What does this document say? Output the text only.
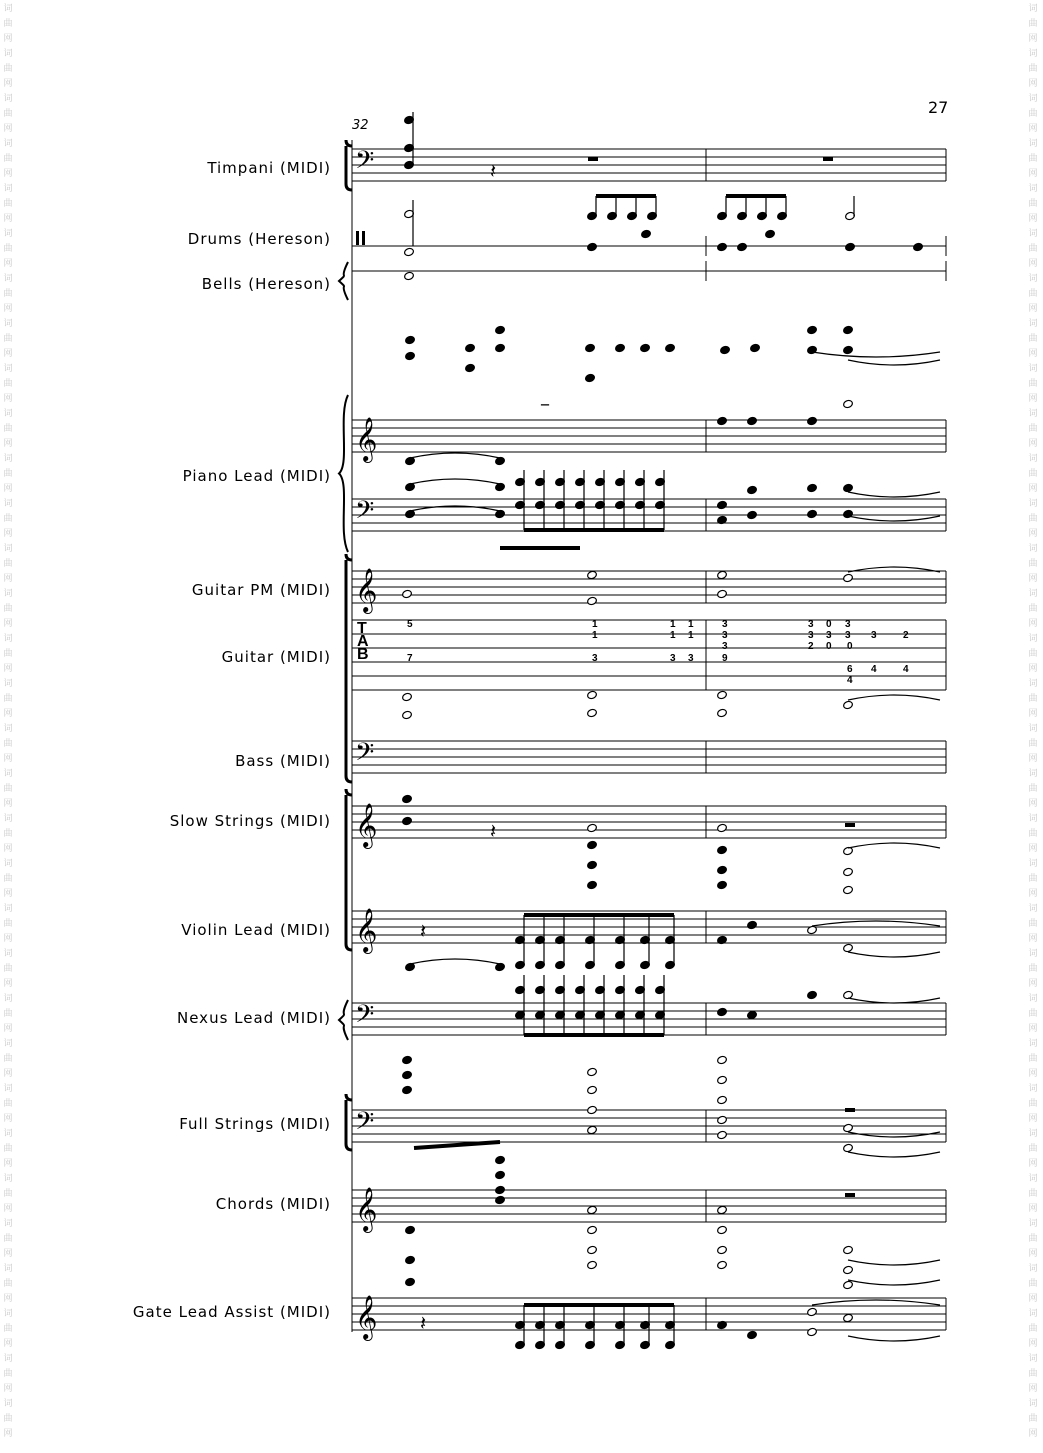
词
曲
网
词
曲
网
词
曲
网
词
曲
网
词
曲
网
词
曲
网
词
曲
网
词
曲
网
词
曲
网
词
曲
网
词
曲
网
词
曲
网
词
曲
网
词
曲
网
词
曲
网
词
曲
网
词
曲
网
词
曲
网
词
曲
网
词
曲
网
词
曲
网
词
曲
网
词
曲
网
词
曲
网
词
曲
网
词
曲
网
词
曲
网
词
曲
网
词
曲
网
词
曲
网
词
曲
网
词
曲
网
词
曲
网
词
曲
网
词
曲
网
词
曲
网
词
曲
网
词
曲
网
词
曲
网
词
曲
网
词
曲
网
词
曲
网
词
曲
网
词
曲
网
词
曲
网
词
曲
网
词
曲
网
词
曲
网
词
曲
网
词
曲
网
词
曲
网
词
曲
网
词
曲
网
词
曲
网
词
曲
网
词
曲
网
词
曲
网
词
曲
网
词
曲
网
词
曲
网
词
曲
网
词
曲
网
词
曲
网
词
曲
网
27
32
Timpani (MIDI)
Drums (Hereson)
Bells (Hereson)
Piano Lead (MIDI)
Guitar PM (MIDI)
Guitar (MIDI)
Bass (MIDI)
Slow Strings (MIDI)
Violin Lead (MIDI)
Nexus Lead (MIDI)
Full Strings (MIDI)
Chords (MIDI)
Gate Lead Assist (MIDI)
𝄞
𝄞
𝄞
𝄞
𝄞
𝄞
𝄢
𝄢
𝄢
𝄢
𝄢
T
A
B
𝄽
–
𝄽
𝄽
𝄽
5
7
1
1
3
1 1
1 1
3 3
3
3
3
3 0 3
3 3 3 3	2
2 0 0
6 4	4
4
9
